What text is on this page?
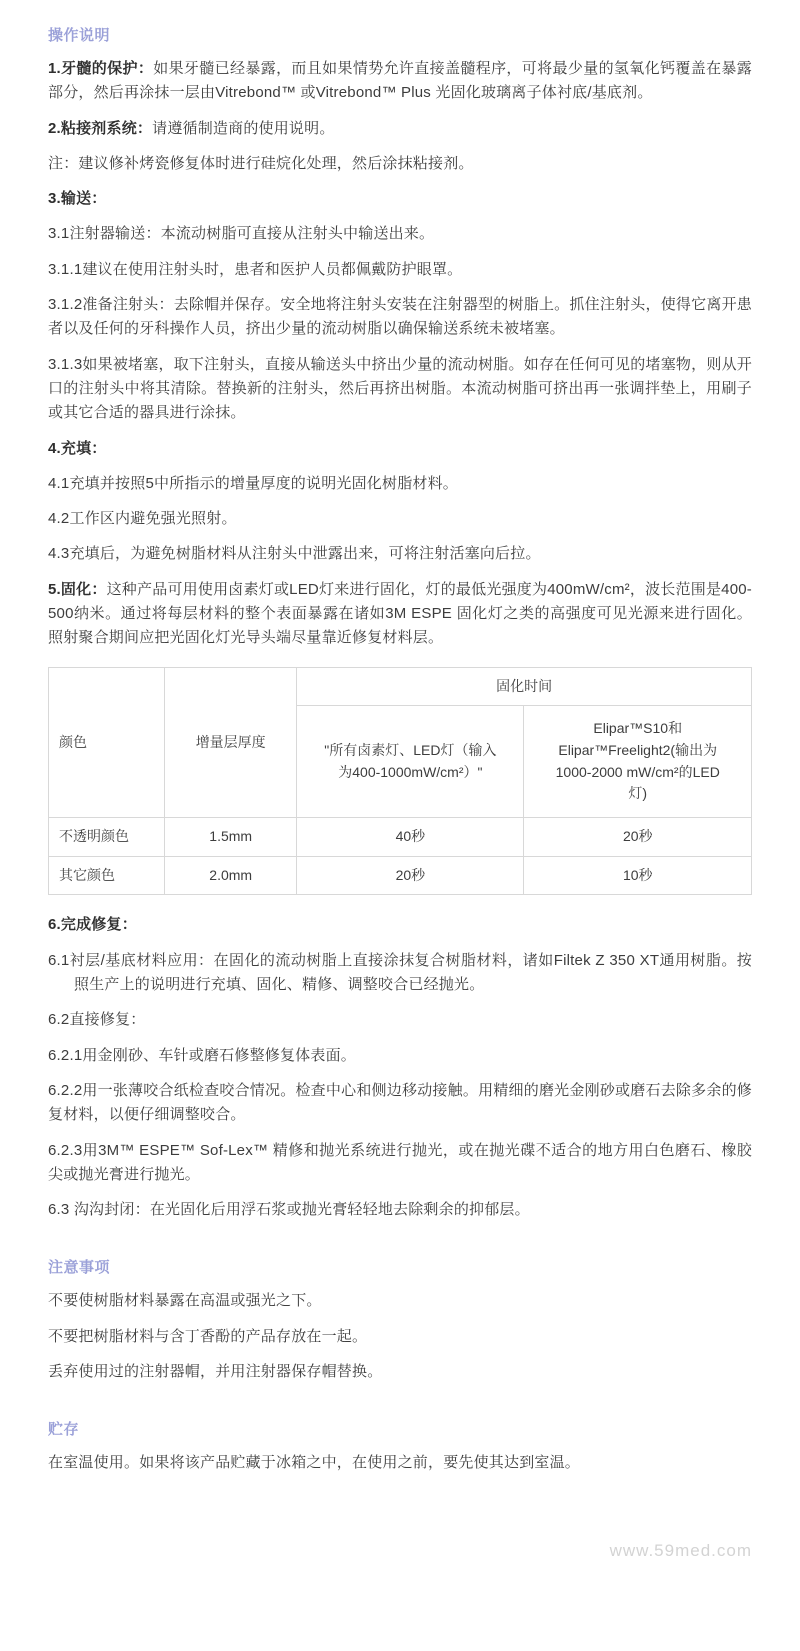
操作说明

1.牙髓的保护：如果牙髓已经暴露，而且如果情势允许直接盖髓程序，可将最少量的氢氧化钙覆盖在暴露部分，然后再涂抹一层由Vitrebond™ 或Vitrebond™ Plus 光固化玻璃离子体衬底/基底剂。

2.粘接剂系统：请遵循制造商的使用说明。

注：建议修补烤瓷修复体时进行硅烷化处理，然后涂抹粘接剂。

3.输送：

3.1注射器输送：本流动树脂可直接从注射头中输送出来。

3.1.1建议在使用注射头时，患者和医护人员都佩戴防护眼罩。

3.1.2准备注射头：去除帽并保存。安全地将注射头安装在注射器型的树脂上。抓住注射头，使得它离开患者以及任何的牙科操作人员，挤出少量的流动树脂以确保输送系统未被堵塞。

3.1.3如果被堵塞，取下注射头，直接从输送头中挤出少量的流动树脂。如存在任何可见的堵塞物，则从开口的注射头中将其清除。替换新的注射头，然后再挤出树脂。本流动树脂可挤出再一张调拌垫上，用刷子或其它合适的器具进行涂抹。

4.充填：

4.1充填并按照5中所指示的增量厚度的说明光固化树脂材料。

4.2工作区内避免强光照射。

4.3充填后，为避免树脂材料从注射头中泄露出来，可将注射活塞向后拉。

5.固化：这种产品可用使用卤素灯或LED灯来进行固化，灯的最低光强度为400mW/cm²，波长范围是400-500纳米。通过将每层材料的整个表面暴露在诸如3M ESPE 固化灯之类的高强度可见光源来进行固化。照射聚合期间应把光固化灯光导头端尽量靠近修复材料层。

颜色	增量层厚度	固化时间	

		"所有卤素灯、LED灯（输入为400-1000mW/cm²）"	Elipar™S10和Elipar™Freelight2(输出为1000-2000 mW/cm²的LED灯)

不透明颜色	1.5mm	40秒	20秒
其它颜色	2.0mm	20秒	10秒

6.完成修复：

6.1衬层/基底材料应用：在固化的流动树脂上直接涂抹复合树脂材料，诸如Filtek Z 350 XT通用树脂。按照生产上的说明进行充填、固化、精修、调整咬合已经抛光。

6.2直接修复：

6.2.1用金刚砂、车针或磨石修整修复体表面。

6.2.2用一张薄咬合纸检查咬合情况。检查中心和侧边移动接触。用精细的磨光金刚砂或磨石去除多余的修复材料，以便仔细调整咬合。

6.2.3用3M™ ESPE™ Sof-Lex™ 精修和抛光系统进行抛光，或在抛光碟不适合的地方用白色磨石、橡胶尖或抛光膏进行抛光。

6.3 沟沟封闭：在光固化后用浮石浆或抛光膏轻轻地去除剩余的抑郁层。

注意事项

不要使树脂材料暴露在高温或强光之下。

不要把树脂材料与含丁香酚的产品存放在一起。

丢弃使用过的注射器帽，并用注射器保存帽替换。

贮存

在室温使用。如果将该产品贮藏于冰箱之中，在使用之前，要先使其达到室温。

www.59med.com
